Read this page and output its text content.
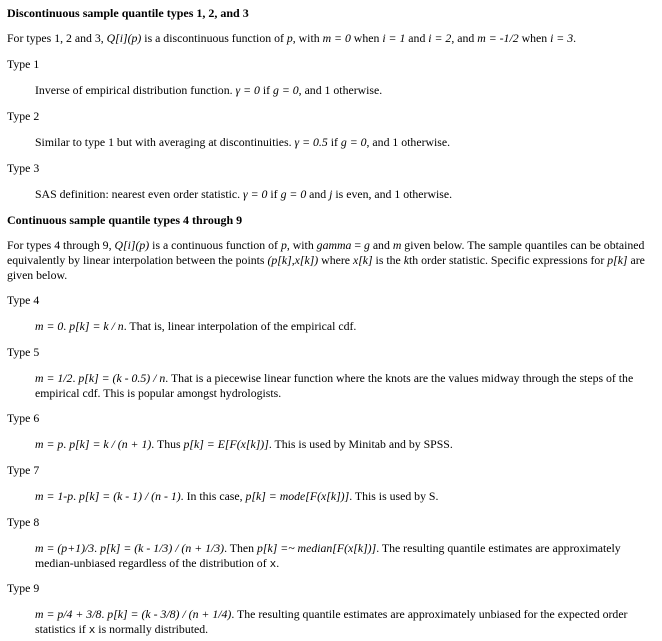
Discontinuous sample quantile types 1, 2, and 3

For types 1, 2 and 3, Q[i](p) is a discontinuous function of p, with m = 0 when i = 1 and i = 2, and m = -1/2 when i = 3.

Type 1

Inverse of empirical distribution function. γ = 0 if g = 0, and 1 otherwise.

Type 2

Similar to type 1 but with averaging at discontinuities. γ = 0.5 if g = 0, and 1 otherwise.

Type 3

SAS definition: nearest even order statistic. γ = 0 if g = 0 and j is even, and 1 otherwise.

Continuous sample quantile types 4 through 9

For types 4 through 9, Q[i](p) is a continuous function of p, with gamma = g and m given below. The sample quantiles can be obtained equivalently by linear interpolation between the points (p[k],x[k]) where x[k] is the kth order statistic. Specific expressions for p[k] are given below.

Type 4

m = 0. p[k] = k / n. That is, linear interpolation of the empirical cdf.

Type 5

m = 1/2. p[k] = (k - 0.5) / n. That is a piecewise linear function where the knots are the values midway through the steps of the empirical cdf. This is popular amongst hydrologists.

Type 6

m = p. p[k] = k / (n + 1). Thus p[k] = E[F(x[k])]. This is used by Minitab and by SPSS.

Type 7

m = 1-p. p[k] = (k - 1) / (n - 1). In this case, p[k] = mode[F(x[k])]. This is used by S.

Type 8

m = (p+1)/3. p[k] = (k - 1/3) / (n + 1/3). Then p[k] =~ median[F(x[k])]. The resulting quantile estimates are approximately median-unbiased regardless of the distribution of x.

Type 9

m = p/4 + 3/8. p[k] = (k - 3/8) / (n + 1/4). The resulting quantile estimates are approximately unbiased for the expected order statistics if x is normally distributed.
